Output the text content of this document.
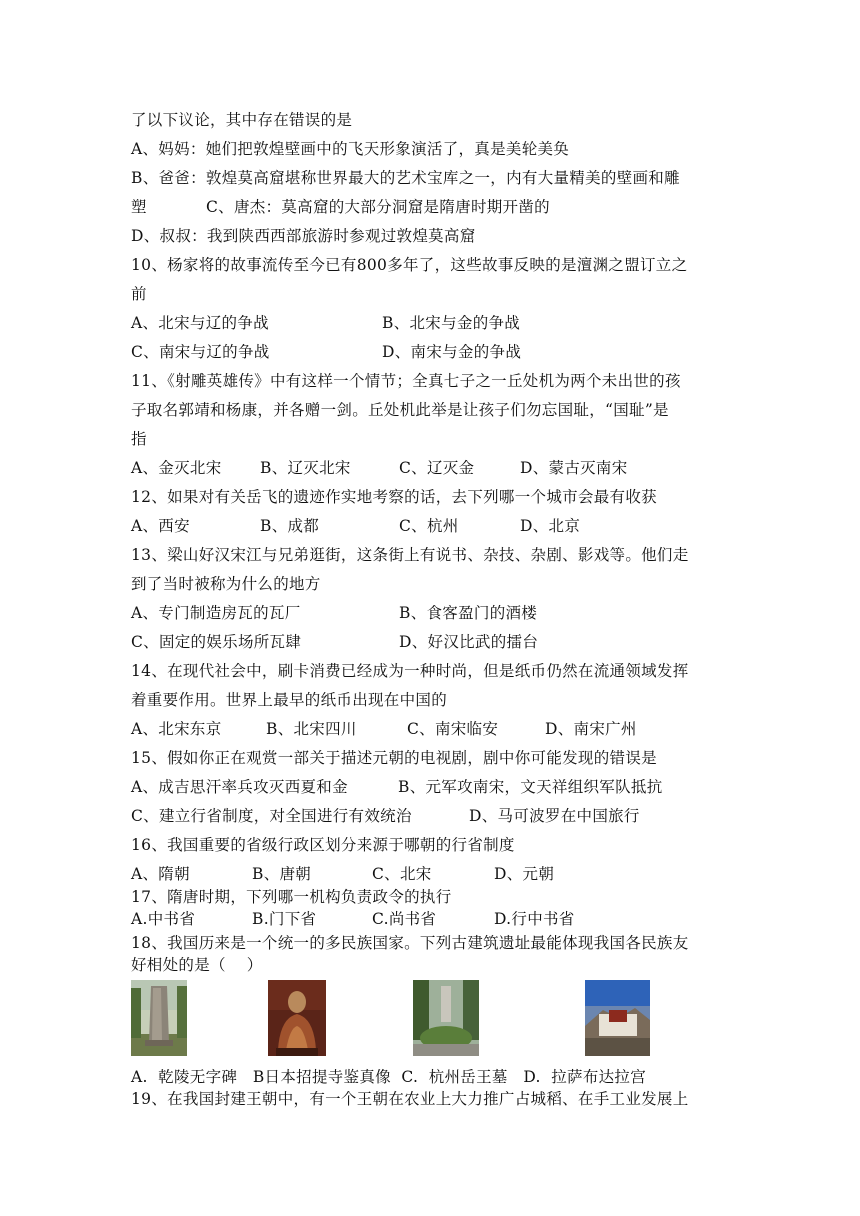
了以下议论，其中存在错误的是
A、妈妈：她们把敦煌壁画中的飞天形象演活了，真是美轮美奂
B、爸爸：敦煌莫高窟堪称世界最大的艺术宝库之一，内有大量精美的壁画和雕
塑	C、唐杰：莫高窟的大部分洞窟是隋唐时期开凿的
D、叔叔：我到陕西西部旅游时参观过敦煌莫高窟
10、杨家将的故事流传至今已有800多年了，这些故事反映的是澶渊之盟订立之
前
A、北宋与辽的争战	B、北宋与金的争战
C、南宋与辽的争战	D、南宋与金的争战
11、《射雕英雄传》中有这样一个情节；全真七子之一丘处机为两个未出世的孩
子取名郭靖和杨康，并各赠一剑。丘处机此举是让孩子们勿忘国耻，“国耻”是
指
A、金灭北宋 B、辽灭北宋	C、辽灭金	D、蒙古灭南宋
12、如果对有关岳飞的遗迹作实地考察的话，去下列哪一个城市会最有收获
A、西安	B、成都	C、杭州	D、北京
13、梁山好汉宋江与兄弟逛街，这条街上有说书、杂技、杂剧、影戏等。他们走
到了当时被称为什么的地方
A、专门制造房瓦的瓦厂	B、食客盈门的酒楼
C、固定的娱乐场所瓦肆	D、好汉比武的擂台
14、在现代社会中，刷卡消费已经成为一种时尚，但是纸币仍然在流通领域发挥
着重要作用。世界上最早的纸币出现在中国的
A、北宋东京	B、北宋四川	C、南宋临安	D、南宋广州
15、假如你正在观赏一部关于描述元朝的电视剧，剧中你可能发现的错误是
A、成吉思汗率兵攻灭西夏和金	B、元军攻南宋，文天祥组织军队抵抗
C、建立行省制度，对全国进行有效统治	D、马可波罗在中国旅行
16、我国重要的省级行政区划分来源于哪朝的行省制度
A、隋朝	B、唐朝	C、北宋	D、元朝
17、隋唐时期，下列哪一机构负责政令的执行
A.中书省	B.门下省	C.尚书省	D.行中书省
18、我国历来是一个统一的多民族国家。下列古建筑遗址最能体现我国各民族友
好相处的是（    ）
A.  乾陵无字碑   B日本招提寺鉴真像  C.  杭州岳王墓   D.  拉萨布达拉宫
19、在我国封建王朝中，有一个王朝在农业上大力推广占城稻、在手工业发展上
